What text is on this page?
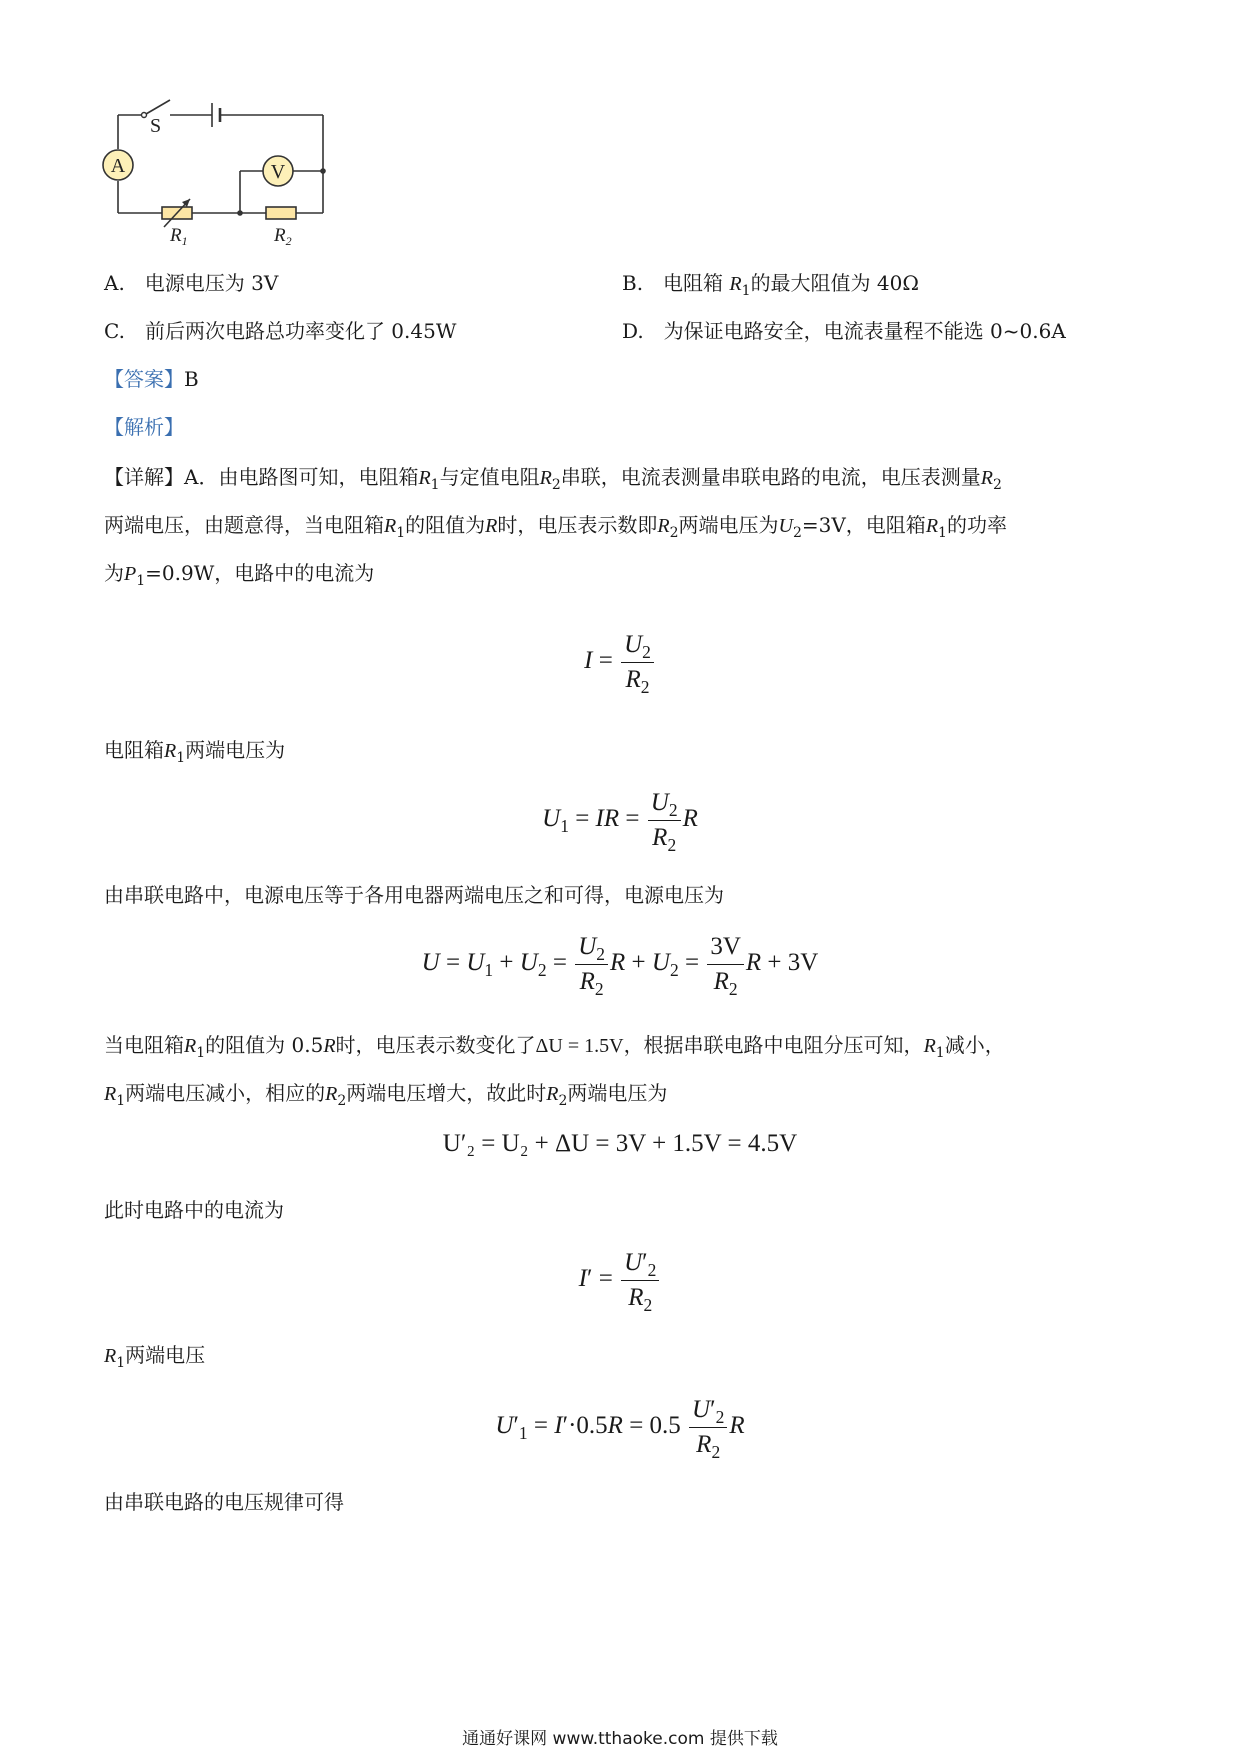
A	V
S
$R_1$	$R_2$
A.　电源电压为 3V	B.　电阻箱 $R_1$的最大阻值为 40Ω
C.　前后两次电路总功率变化了 0.45W	D.　为保证电路安全，电流表量程不能选 0~0.6A
【答案】B
【解析】
【详解】A．由电路图可知，电阻箱$R_1$与定值电阻$R_2$串联，电流表测量串联电路的电流，电压表测量$R_2$
两端电压，由题意得，当电阻箱$R_1$的阻值为R时，电压表示数即$R_2$两端电压为$U_2=3V$，电阻箱$R_1$的功率
为$P_1=0.9W$，电路中的电流为
$I = \frac{U_2}{R_2}$
电阻箱$R_1$两端电压为
$U_1$ = IR = $\frac{U_2}{R_2}$ R
由串联电路中，电源电压等于各用电器两端电压之和可得，电源电压为
$U = U_1 + U_2 = \frac{U_2}{R_2}$ $R + U_2 = \frac{3V}{R_2}$ R + 3V
当电阻箱$R_1$的阻值为 0.5R时，电压表示数变化了ΔU = 1.5V，根据串联电路中电阻分压可知，$R_1$减小，
$R_1$两端电压减小，相应的$R_2$两端电压增大，故此时$R_2$两端电压为
U′₂ = U₂ + ΔU = 3V + 1.5V = 4.5V
此时电路中的电流为
$I' = \frac{U'_2}{R_2}$
$R_1$两端电压
$U'_1 = I'\cdot 0.5R = 0.5 \frac{U'_2}{R_2}$ R
由串联电路的电压规律可得
通通好课网 www.tthaoke.com 提供下载
